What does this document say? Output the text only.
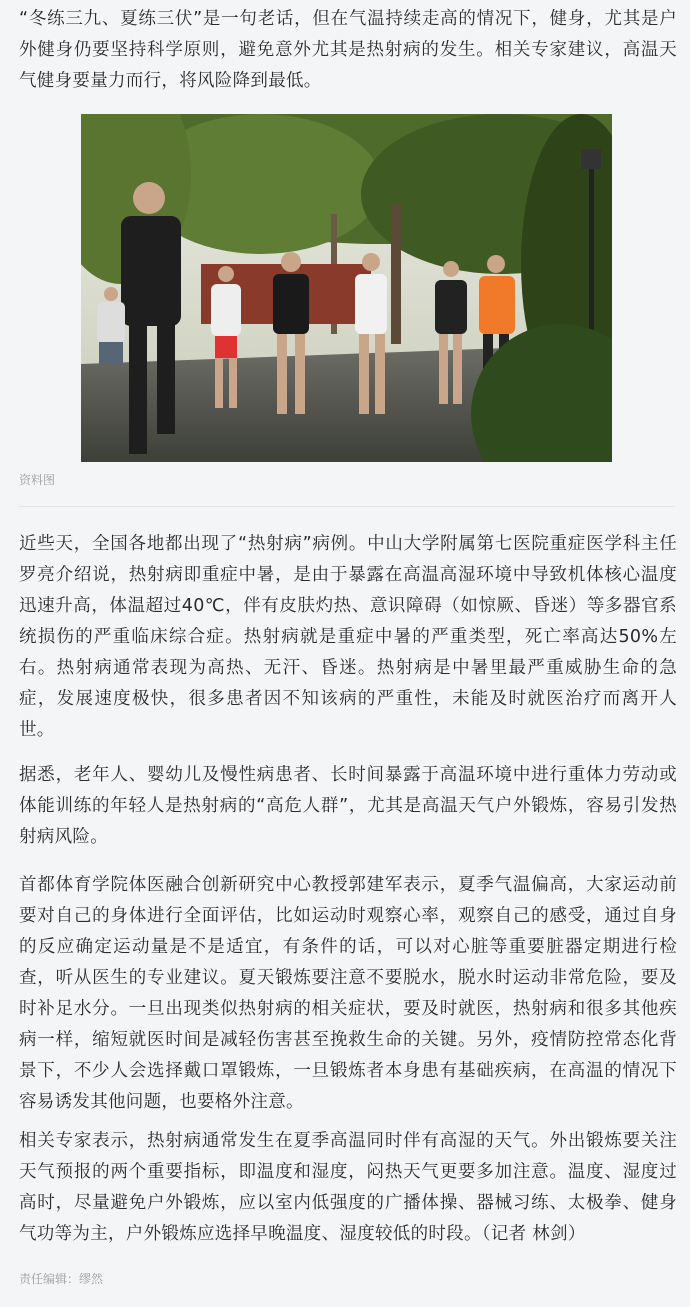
“冬练三九、夏练三伏”是一句老话，但在气温持续走高的情况下，健身，尤其是户外健身仍要坚持科学原则，避免意外尤其是热射病的发生。相关专家建议，高温天气健身要量力而行，将风险降到最低。

资料图

近些天，全国各地都出现了“热射病”病例。中山大学附属第七医院重症医学科主任罗亮介绍说，热射病即重症中暑，是由于暴露在高温高湿环境中导致机体核心温度迅速升高，体温超过40℃，伴有皮肤灼热、意识障碍（如惊厥、昏迷）等多器官系统损伤的严重临床综合症。热射病就是重症中暑的严重类型，死亡率高达50%左右。热射病通常表现为高热、无汗、昏迷。热射病是中暑里最严重威胁生命的急症，发展速度极快，很多患者因不知该病的严重性，未能及时就医治疗而离开人世。

据悉，老年人、婴幼儿及慢性病患者、长时间暴露于高温环境中进行重体力劳动或体能训练的年轻人是热射病的“高危人群”，尤其是高温天气户外锻炼，容易引发热射病风险。

首都体育学院体医融合创新研究中心教授郭建军表示，夏季气温偏高，大家运动前要对自己的身体进行全面评估，比如运动时观察心率，观察自己的感受，通过自身的反应确定运动量是不是适宜，有条件的话，可以对心脏等重要脏器定期进行检查，听从医生的专业建议。夏天锻炼要注意不要脱水，脱水时运动非常危险，要及时补足水分。一旦出现类似热射病的相关症状，要及时就医，热射病和很多其他疾病一样，缩短就医时间是减轻伤害甚至挽救生命的关键。另外，疫情防控常态化背景下，不少人会选择戴口罩锻炼，一旦锻炼者本身患有基础疾病，在高温的情况下容易诱发其他问题，也要格外注意。

相关专家表示，热射病通常发生在夏季高温同时伴有高湿的天气。外出锻炼要关注天气预报的两个重要指标，即温度和湿度，闷热天气更要多加注意。温度、湿度过高时，尽量避免户外锻炼，应以室内低强度的广播体操、器械习练、太极拳、健身气功等为主，户外锻炼应选择早晚温度、湿度较低的时段。（记者 林剑）

责任编辑：缪然
